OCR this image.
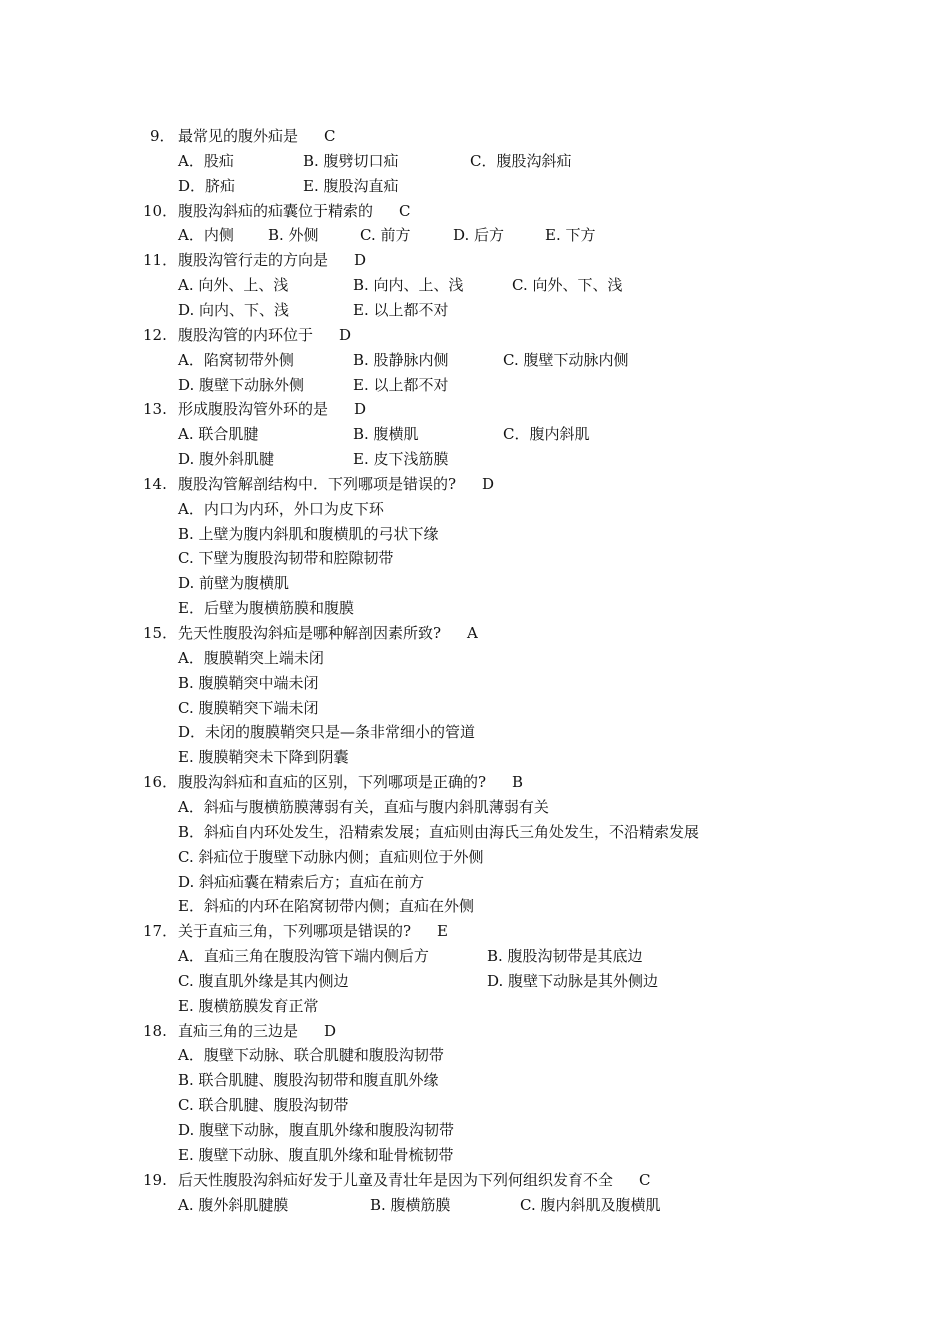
9． 最常见的腹外疝是 C
A．股疝	B. 腹劈切口疝	C．腹股沟斜疝
D．脐疝	E. 腹股沟直疝
10． 腹股沟斜疝的疝囊位于精索的 C
A．内侧 B. 外侧	C. 前方	D. 后方	E. 下方
11． 腹股沟管行走的方向是 D
A. 向外、上、浅	B. 向内、上、浅	C. 向外、下、浅
D. 向内、下、浅	E. 以上都不对
12. 腹股沟管的内环位于 D
A．陷窝韧带外侧	B. 股静脉内侧	C. 腹壁下动脉内侧
D. 腹壁下动脉外侧	E. 以上都不对
13. 形成腹股沟管外环的是 D
A. 联合肌腱	B. 腹横肌	C．腹内斜肌
D. 腹外斜肌腱	E. 皮下浅筋膜
14. 腹股沟管解剖结构中．下列哪项是错误的? D
A．内口为内环，外口为皮下环
B. 上壁为腹内斜肌和腹横肌的弓状下缘
C. 下壁为腹股沟韧带和腔隙韧带
D. 前壁为腹横肌
E．后壁为腹横筋膜和腹膜
15． 先天性腹股沟斜疝是哪种解剖因素所致? A
A．腹膜鞘突上端未闭
B. 腹膜鞘突中端未闭
C. 腹膜鞘突下端未闭
D．未闭的腹膜鞘突只是—条非常细小的管道
E. 腹膜鞘突未下降到阴囊
16． 腹股沟斜疝和直疝的区别，下列哪项是正确的? B
A．斜疝与腹横筋膜薄弱有关，直疝与腹内斜肌薄弱有关
B．斜疝自内环处发生，沿精索发展；直疝则由海氏三角处发生，不沿精索发展
C. 斜疝位于腹壁下动脉内侧；直疝则位于外侧
D. 斜疝疝囊在精索后方；直疝在前方
E．斜疝的内环在陷窝韧带内侧；直疝在外侧
17． 关于直疝三角，下列哪项是错误的? E
A．直疝三角在腹股沟管下端内侧后方	B. 腹股沟韧带是其底边
C. 腹直肌外缘是其内侧边	D. 腹壁下动脉是其外侧边
E. 腹横筋膜发育正常
18. 直疝三角的三边是 D
A．腹壁下动脉、联合肌腱和腹股沟韧带
B. 联合肌腱、腹股沟韧带和腹直肌外缘
C. 联合肌腱、腹股沟韧带
D. 腹壁下动脉，腹直肌外缘和腹股沟韧带
E. 腹壁下动脉、腹直肌外缘和耻骨梳韧带
19. 后天性腹股沟斜疝好发于儿童及青壮年是因为下列何组织发育不全 C
A. 腹外斜肌腱膜	B. 腹横筋膜	C. 腹内斜肌及腹横肌
